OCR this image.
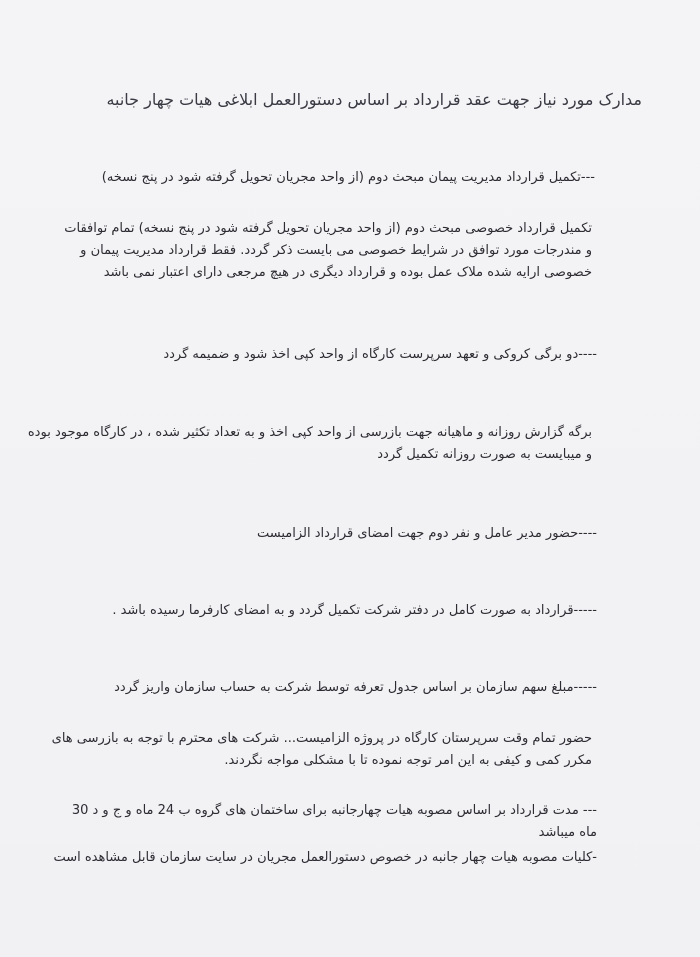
مدارک مورد نیاز جهت عقد قرارداد بر اساس دستورالعمل ابلاغی هیات چهار جانبه
---تکمیل قرارداد مدیریت پیمان مبحث دوم (از واحد مجریان تحویل گرفته شود در پنج نسخه)
تکمیل قرارداد خصوصی مبحث دوم (از واحد مجریان تحویل گرفته شود در پنج نسخه) تمام توافقات
و مندرجات مورد توافق در شرایط خصوصی می بایست ذکر گردد. فقط قرارداد مدیریت پیمان و
خصوصی ارایه شده ملاک عمل بوده و قرارداد دیگری در هیچ مرجعی دارای اعتبار نمی باشد
----دو برگی کروکی و تعهد سرپرست کارگاه از واحد کپی اخذ شود و ضمیمه گردد
برگه گزارش روزانه و ماهیانه جهت بازرسی از واحد کپی اخذ و به تعداد تکثیر شده ، در کارگاه موجود بوده
و میبایست به صورت روزانه تکمیل گردد
----حضور مدیر عامل و نفر دوم جهت امضای قرارداد الزامیست
-----قرارداد به صورت کامل در دفتر شرکت تکمیل گردد و به امضای کارفرما رسیده باشد .
-----مبلغ سهم سازمان بر اساس جدول تعرفه توسط شرکت به حساب سازمان واریز گردد
حضور تمام وقت سرپرستان کارگاه در پروژه الزامیست... شرکت های محترم با توجه به بازرسی های
مکرر کمی و کیفی به این امر توجه نموده تا با مشکلی مواجه نگردند.
--- مدت قرارداد بر اساس مصوبه هیات چهارجانبه برای ساختمان های گروه ب 24 ماه و ج و د 30
ماه میباشد
-کلیات مصوبه هیات چهار جانبه در خصوص دستورالعمل مجریان در سایت سازمان قابل مشاهده است
